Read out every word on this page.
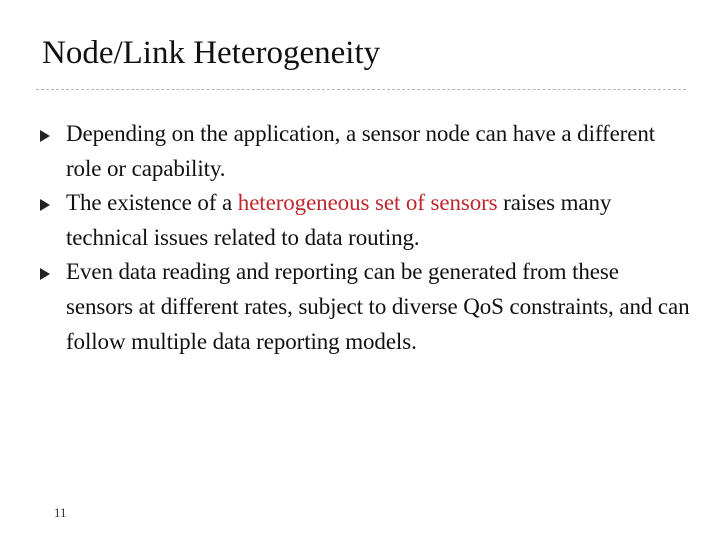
Node/Link Heterogeneity
Depending on the application, a sensor node can have a different role or capability.
The existence of a heterogeneous set of sensors raises many technical issues related to data routing.
Even data reading and reporting can be generated from these sensors at different rates, subject to diverse QoS constraints, and can follow multiple data reporting models.
11
